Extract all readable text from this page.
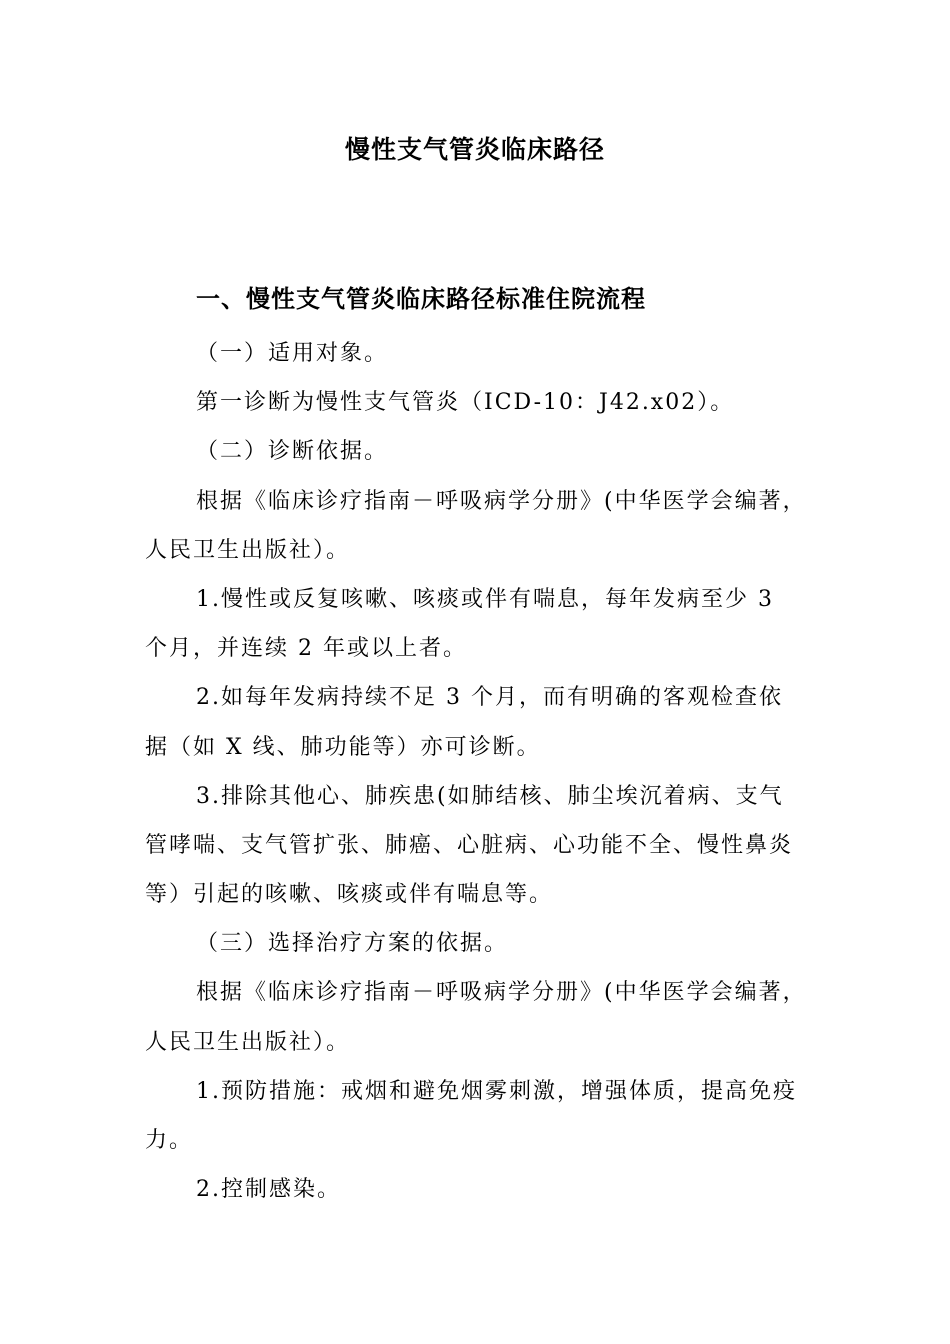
慢性支气管炎临床路径
一、慢性支气管炎临床路径标准住院流程

（一）适用对象。

第一诊断为慢性支气管炎（ICD-10：J42.x02）。

（二）诊断依据。

根据《临床诊疗指南－呼吸病学分册》(中华医学会编著，

人民卫生出版社）。

1.慢性或反复咳嗽、咳痰或伴有喘息，每年发病至少 3

个月，并连续 2 年或以上者。

2.如每年发病持续不足 3 个月，而有明确的客观检查依

据（如 X 线、肺功能等）亦可诊断。

3.排除其他心、肺疾患(如肺结核、肺尘埃沉着病、支气

管哮喘、支气管扩张、肺癌、心脏病、心功能不全、慢性鼻炎

等）引起的咳嗽、咳痰或伴有喘息等。

（三）选择治疗方案的依据。

根据《临床诊疗指南－呼吸病学分册》(中华医学会编著，

人民卫生出版社）。

1.预防措施：戒烟和避免烟雾刺激，增强体质，提高免疫

力。

2.控制感染。
